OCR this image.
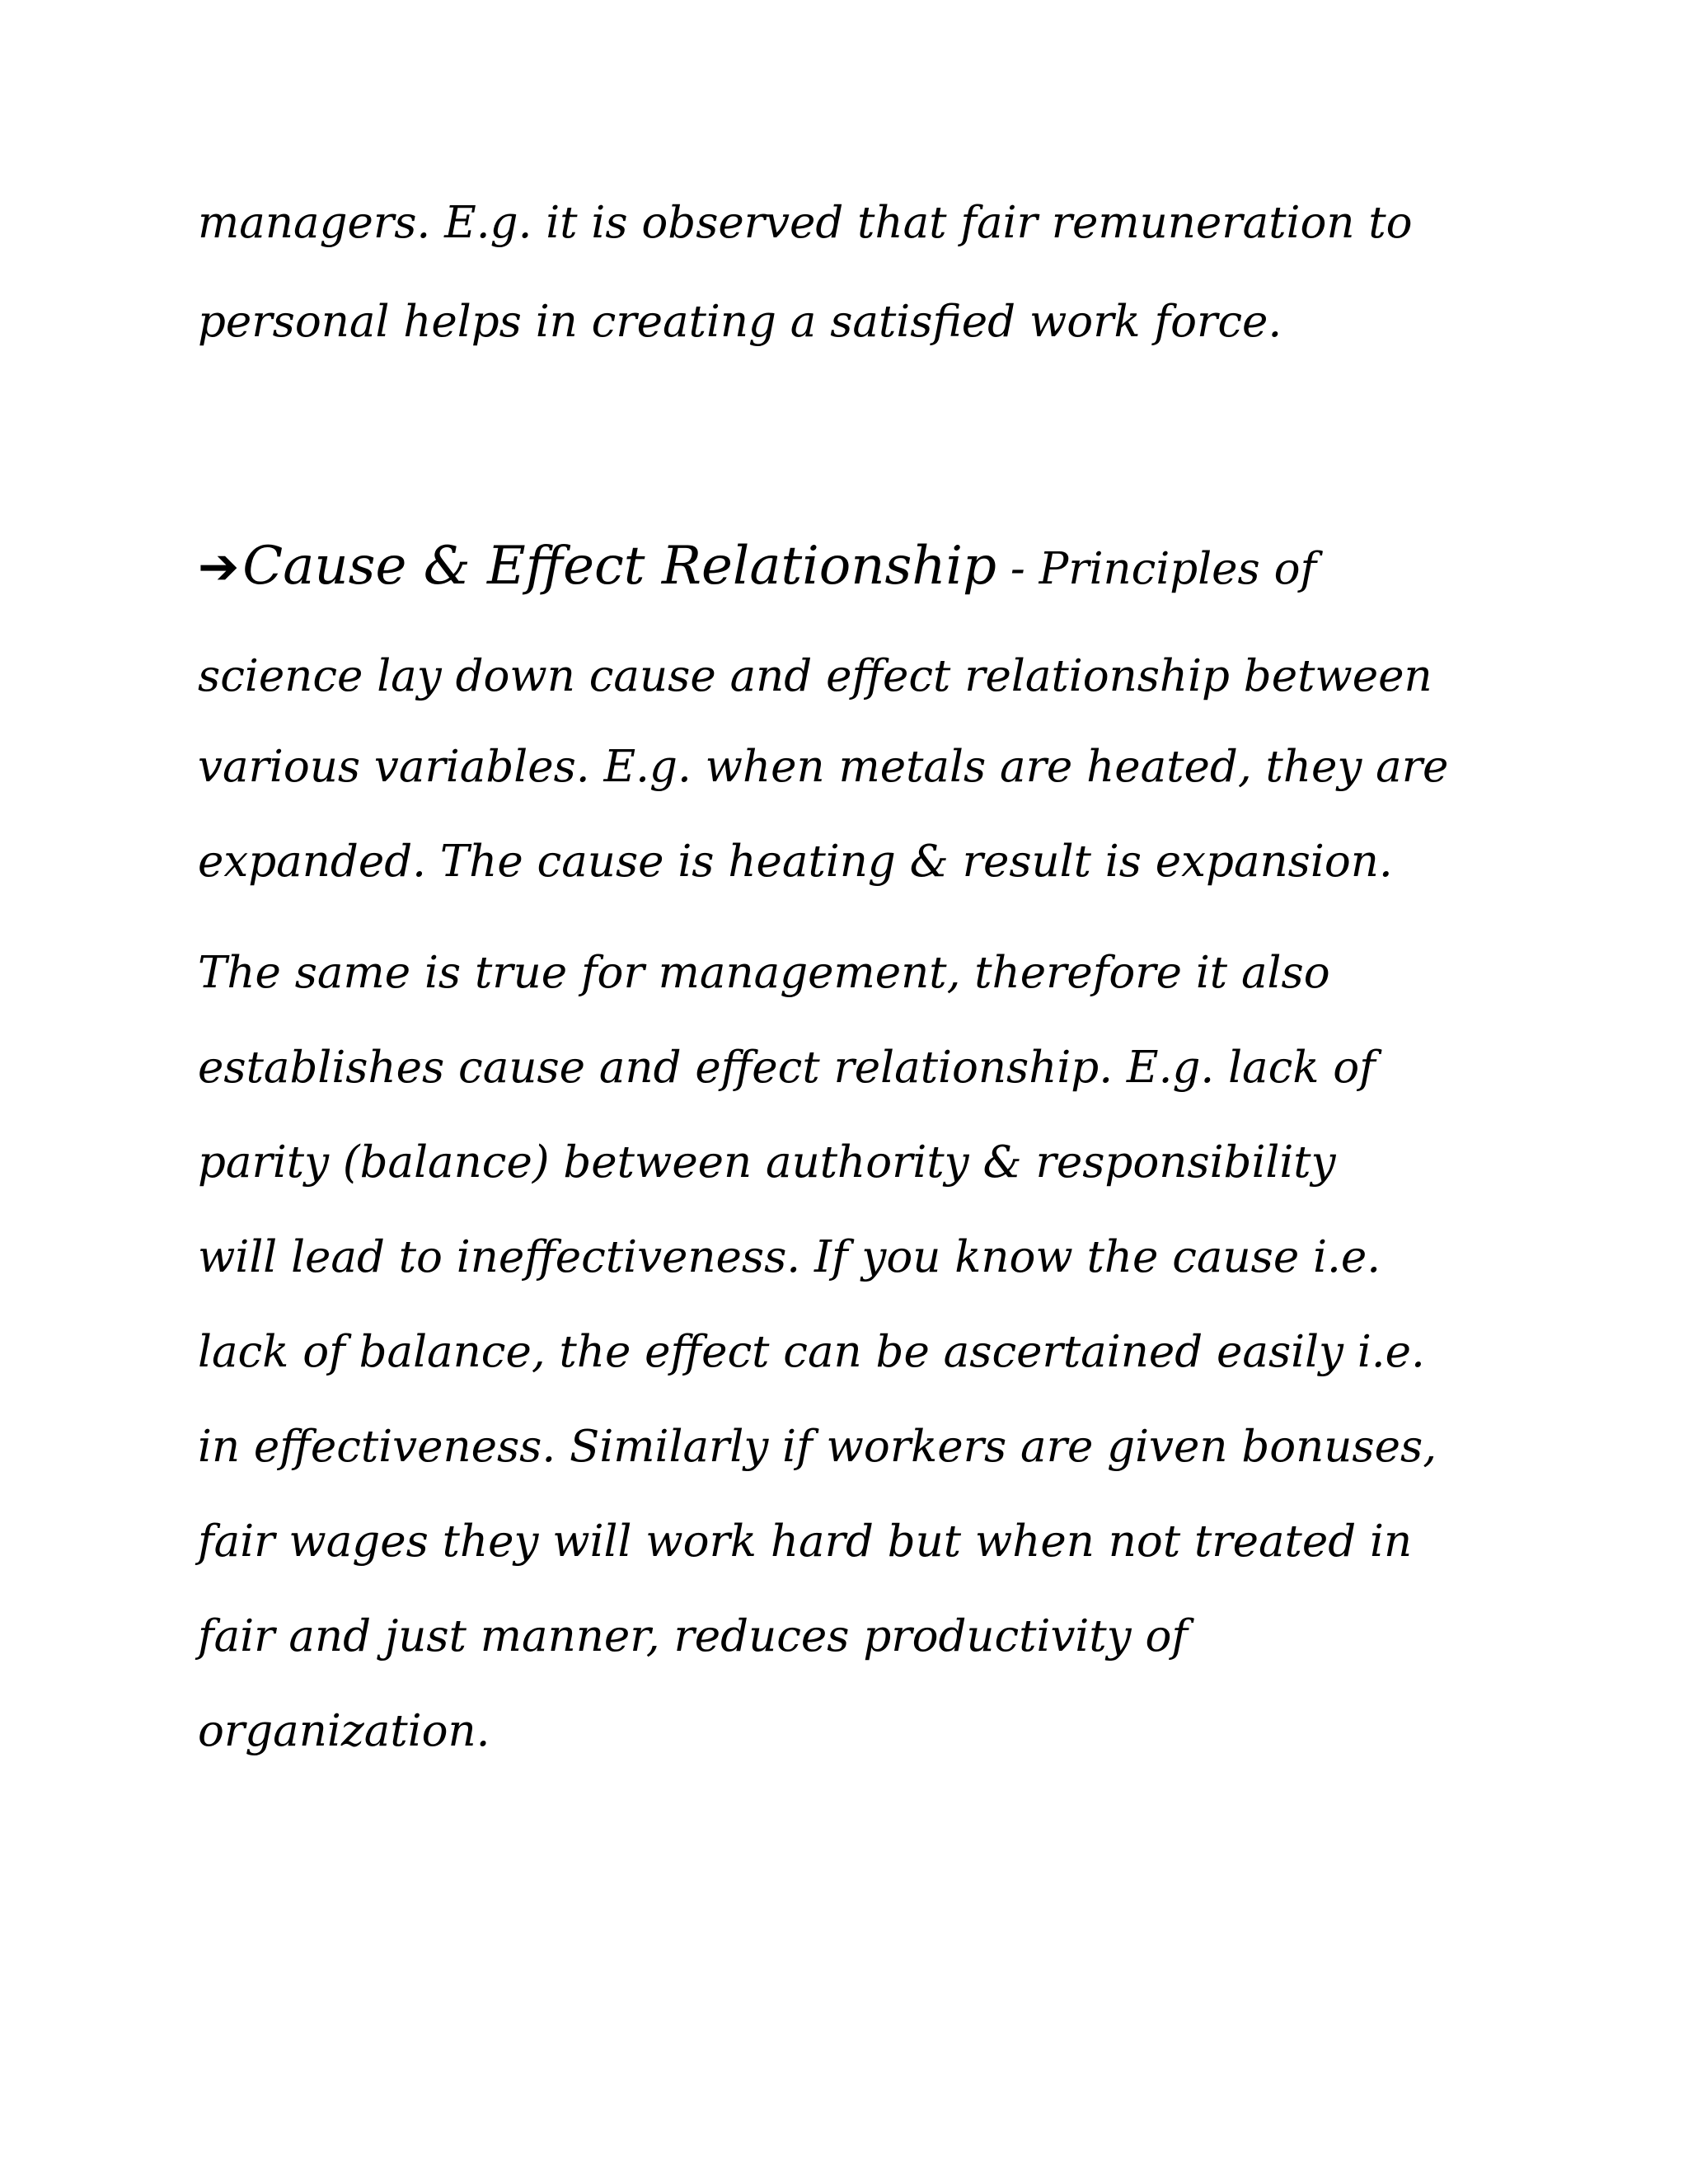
managers. E.g. it is observed that fair remuneration to
personal helps in creating a satisfied work force.
➔Cause & Effect Relationship - Principles of
science lay down cause and effect relationship between
various variables. E.g. when metals are heated, they are
expanded. The cause is heating & result is expansion.
The same is true for management, therefore it also
establishes cause and effect relationship. E.g. lack of
parity (balance) between authority & responsibility
will lead to ineffectiveness. If you know the cause i.e.
lack of balance, the effect can be ascertained easily i.e.
in effectiveness. Similarly if workers are given bonuses,
fair wages they will work hard but when not treated in
fair and just manner, reduces productivity of
organization.
